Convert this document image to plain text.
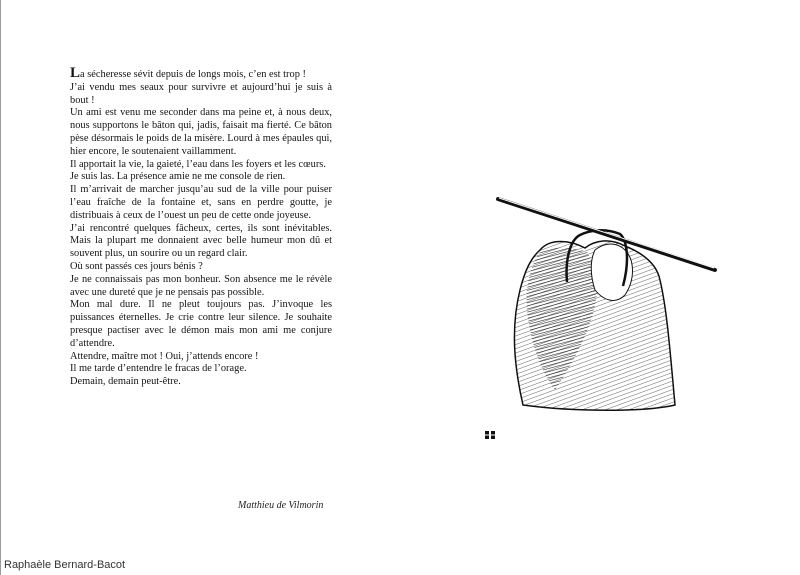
La sécheresse sévit depuis de longs mois, c’en est trop !

J’ai vendu mes seaux pour survivre et aujourd’hui je suis à bout !

Un ami est venu me seconder dans ma peine et, à nous deux, nous supportons le bâton qui, jadis, faisait ma fierté. Ce bâton pèse désormais le poids de la misère. Lourd à mes épaules qui, hier encore, le soutenaient vaillamment.

Il apportait la vie, la gaieté, l’eau dans les foyers et les cœurs.

Je suis las. La présence amie ne me console de rien.

Il m’arrivait de marcher jusqu’au sud de la ville pour puiser l’eau fraîche de la fontaine et, sans en perdre goutte, je distribuais à ceux de l’ouest un peu de cette onde joyeuse.

J’ai rencontré quelques fâcheux, certes, ils sont inévitables. Mais la plupart me donnaient avec belle humeur mon dû et souvent plus, un sourire ou un regard clair.

Où sont passés ces jours bénis ?

Je ne connaissais pas mon bonheur. Son absence me le révèle avec une dureté que je ne pensais pas possible.

Mon mal dure. Il ne pleut toujours pas. J’invoque les puissances éternelles. Je crie contre leur silence. Je souhaite presque pactiser avec le démon mais mon ami me conjure d’attendre.

Attendre, maître mot ! Oui, j’attends encore !

Il me tarde d’entendre le fracas de l’orage.

Demain, demain peut-être.

Matthieu de Vilmorin
Raphaèle Bernard-Bacot
